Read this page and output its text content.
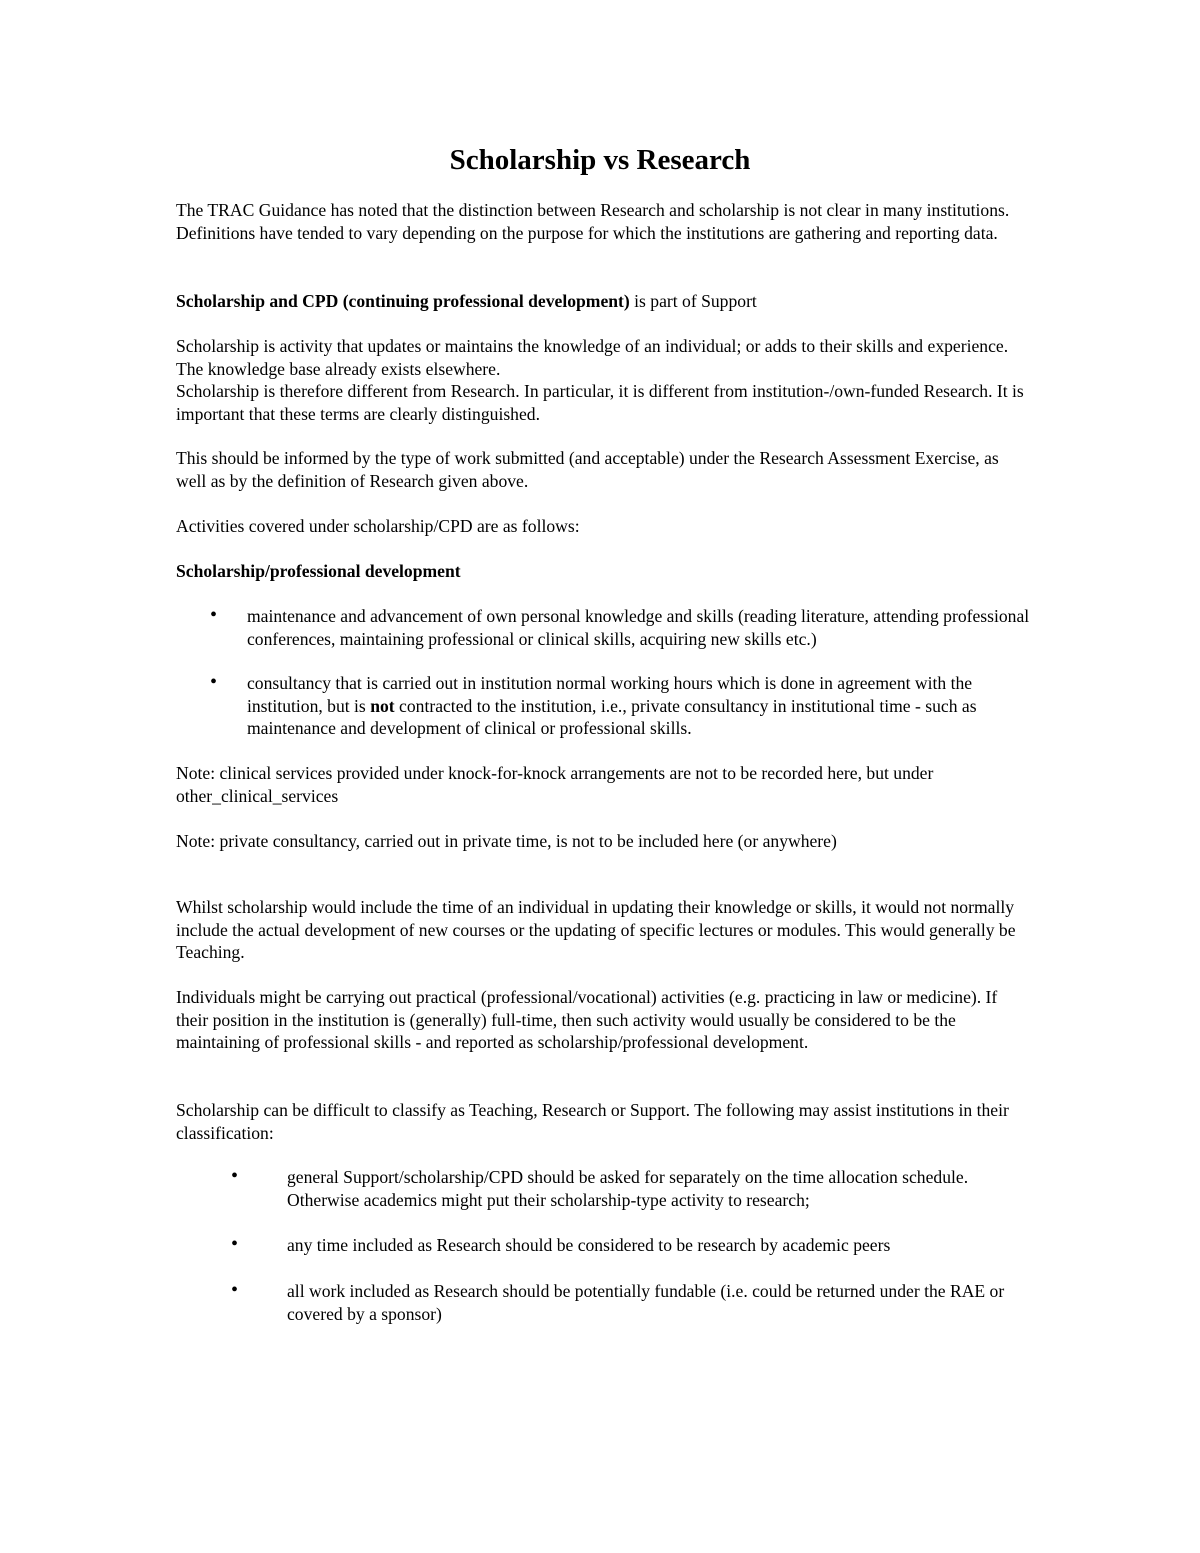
Scholarship vs Research

The TRAC Guidance has noted that the distinction between Research and scholarship is not clear in many institutions. Definitions have tended to vary depending on the purpose for which the institutions are gathering and reporting data.

Scholarship and CPD (continuing professional development) is part of Support

Scholarship is activity that updates or maintains the knowledge of an individual; or adds to their skills and experience. The knowledge base already exists elsewhere.

Scholarship is therefore different from Research. In particular, it is different from institution-/own-funded Research. It is important that these terms are clearly distinguished.

This should be informed by the type of work submitted (and acceptable) under the Research Assessment Exercise, as well as by the definition of Research given above.

Activities covered under scholarship/CPD are as follows:

Scholarship/professional development

• maintenance and advancement of own personal knowledge and skills (reading literature, attending professional conferences, maintaining professional or clinical skills, acquiring new skills etc.)

• consultancy that is carried out in institution normal working hours which is done in agreement with the institution, but is not contracted to the institution, i.e., private consultancy in institutional time - such as maintenance and development of clinical or professional skills.

Note: clinical services provided under knock-for-knock arrangements are not to be recorded here, but under other_clinical_services

Note: private consultancy, carried out in private time, is not to be included here (or anywhere)

Whilst scholarship would include the time of an individual in updating their knowledge or skills, it would not normally include the actual development of new courses or the updating of specific lectures or modules. This would generally be Teaching.

Individuals might be carrying out practical (professional/vocational) activities (e.g. practicing in law or medicine). If their position in the institution is (generally) full-time, then such activity would usually be considered to be the maintaining of professional skills - and reported as scholarship/professional development.

Scholarship can be difficult to classify as Teaching, Research or Support. The following may assist institutions in their classification:

•	general Support/scholarship/CPD should be asked for separately on the time allocation schedule. Otherwise academics might put their scholarship-type activity to research;

•	any time included as Research should be considered to be research by academic peers

•	all work included as Research should be potentially fundable (i.e. could be returned under the RAE or covered by a sponsor)
